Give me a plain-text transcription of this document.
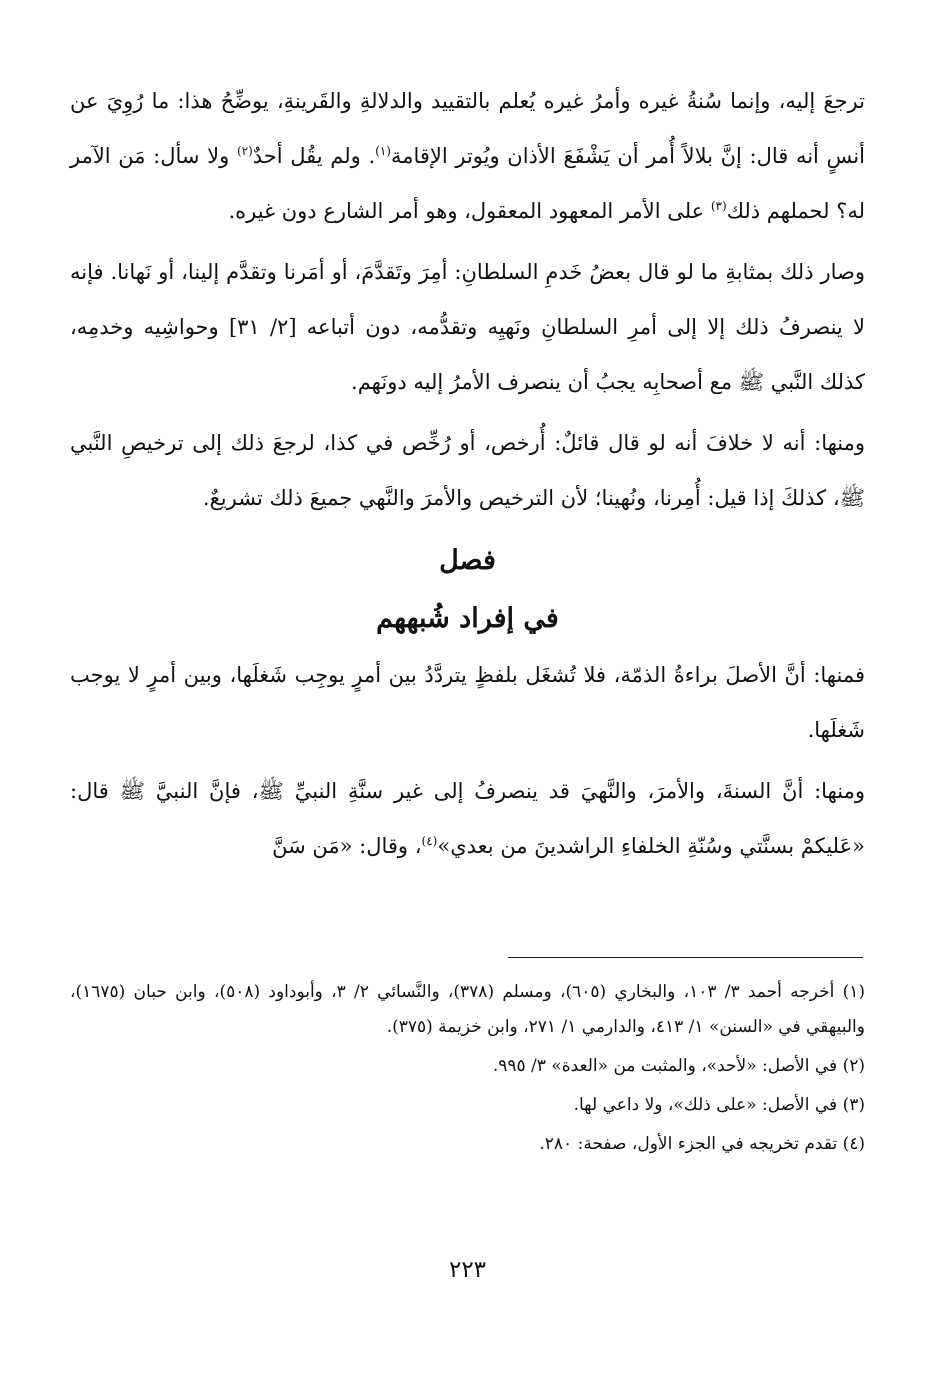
ترجعَ إليه، وإنما سُنةُ غيره وأمرُ غيره يُعلم بالتقييد والدلالةِ والقَرينةِ، يوضِّحُ هذا: ما رُوِيَ عن أنسٍ أنه قال: إنَّ بلالاً أُمر أن يَشْفَعَ الأذان ويُوتر الإقامة$^{(١)}$. ولم يقُل أحدٌ$^{(٢)}$ ولا سأل: مَن الآمر له؟ لحملهم ذلك$^{(٣)}$ على الأمر المعهود المعقول، وهو أمر الشارع دون غيره.

وصار ذلك بمثابةِ ما لو قال بعضُ خَدمِ السلطانِ: أمِرَ وتَقدَّمَ، أو أمَرنا وتقدَّم إلينا، أو نَهانا. فإنه لا ينصرفُ ذلك إلا إلى أمرِ السلطانِ ونَهيِه وتقدُّمه، دون أتباعه [٢/ ٣١] وحواشِيه وخدمِه، كذلك النَّبي ﷺ مع أصحابِه يجبُ أن ينصرف الأمرُ إليه دونَهم.

ومنها: أنه لا خلافَ أنه لو قال قائلٌ: أُرخص، أو رُخِّص في كذا، لرجعَ ذلك إلى ترخيصِ النَّبي ﷺ، كذلكَ إذا قيل: أُمِرنا، ونُهينا؛ لأن الترخيص والأمرَ والنَّهي جميعَ ذلك تشريعٌ.

فصل
في إفراد شُبههم

فمنها: أنَّ الأصلَ براءةُ الذمّة، فلا تُشغَل بلفظٍ يتردَّدُ بين أمرٍ يوجِب شَغلَها، وبين أمرٍ لا يوجب شَغلَها.

ومنها: أنَّ السنةَ، والأمرَ، والنَّهيَ قد ينصرفُ إلى غير سنَّةِ النبيِّ ﷺ، فإنَّ النبيَّ ﷺ قال: «عَليكمْ بسنَّتي وسُنّةِ الخلفاءِ الراشدينَ من بعدي»$^{(٤)}$، وقال: «مَن سَنَّ

(١) أخرجه أحمد ٣/ ١٠٣، والبخاري (٦٠٥)، ومسلم (٣٧٨)، والنَّسائي ٢/ ٣، وأبوداود (٥٠٨)، وابن حبان (١٦٧٥)، والبيهقي في «السنن» ١/ ٤١٣، والدارمي ١/ ٢٧١، وابن خزيمة (٣٧٥).

(٢) في الأصل: «لأحد»، والمثبت من «العدة» ٣/ ٩٩٥.

(٣) في الأصل: «على ذلك»، ولا داعي لها.

(٤) تقدم تخريجه في الجزء الأول، صفحة: ٢٨٠.

٢٢٣
